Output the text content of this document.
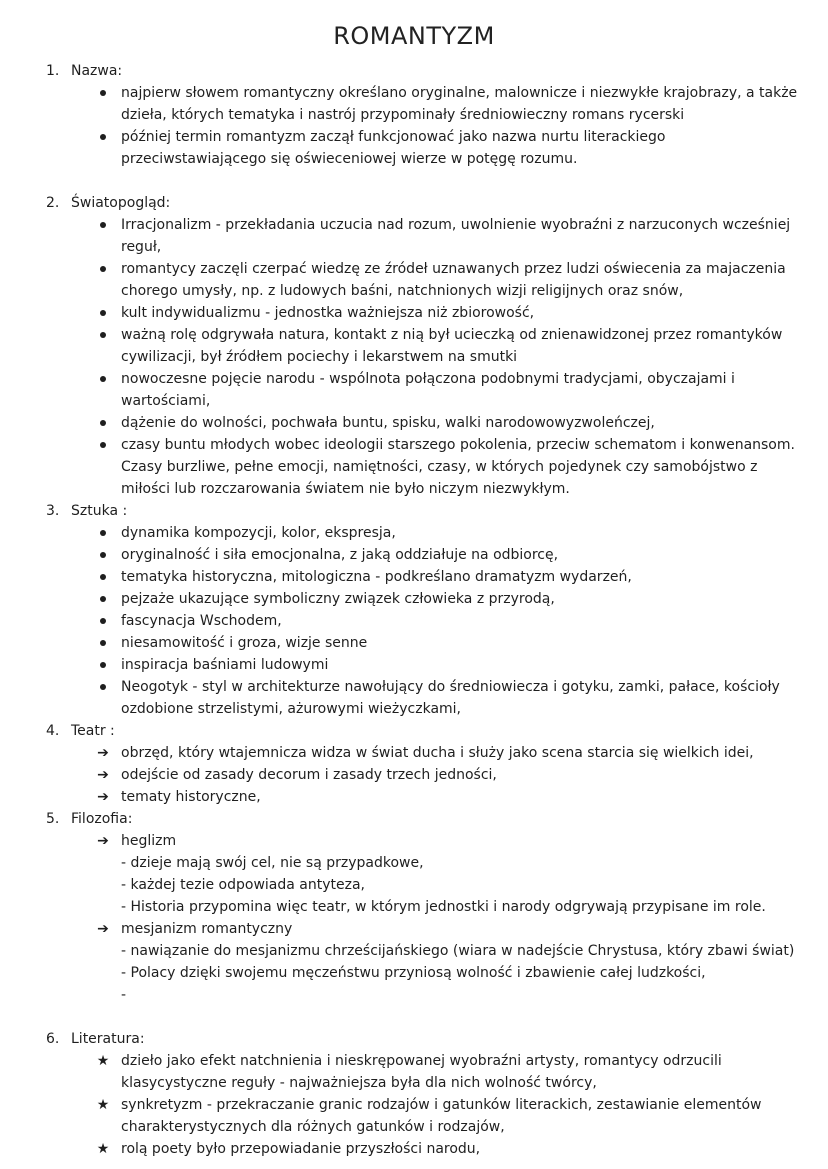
ROMANTYZM
1. Nazwa:
najpierw słowem romantyczny określano oryginalne, malownicze i niezwykłe krajobrazy, a także dzieła, których tematyka i nastrój przypominały średniowieczny romans rycerski
później termin romantyzm zaczął funkcjonować jako nazwa nurtu literackiego przeciwstawiającego się oświeceniowej wierze w potęgę rozumu.
2. Światopogląd:
Irracjonalizm - przekładania uczucia nad rozum, uwolnienie wyobraźni z narzuconych wcześniej reguł,
romantycy zaczęli czerpać wiedzę ze źródeł uznawanych przez ludzi oświecenia za majaczenia chorego umysły, np. z ludowych baśni, natchnionych wizji religijnych oraz snów,
kult indywidualizmu - jednostka ważniejsza niż zbiorowość,
ważną rolę odgrywała natura, kontakt z nią był ucieczką od znienawidzonej przez romantyków cywilizacji, był źródłem pociechy i lekarstwem na smutki
nowoczesne pojęcie narodu - wspólnota połączona podobnymi tradycjami, obyczajami i wartościami,
dążenie do wolności, pochwała buntu, spisku, walki narodowowyzwoleńczej,
czasy buntu młodych wobec ideologii starszego pokolenia, przeciw schematom i konwenansom. Czasy burzliwe, pełne emocji, namiętności, czasy, w których pojedynek czy samobójstwo z miłości lub rozczarowania światem nie było niczym niezwykłym.
3. Sztuka :
dynamika kompozycji, kolor, ekspresja,
oryginalność i siła emocjonalna, z jaką oddziałuje na odbiorcę,
tematyka historyczna, mitologiczna - podkreślano dramatyzm wydarzeń,
pejzaże ukazujące symboliczny związek człowieka z przyrodą,
fascynacja Wschodem,
niesamowitość i groza, wizje senne
inspiracja baśniami ludowymi
Neogotyk - styl w architekturze nawołujący do średniowiecza i gotyku, zamki, pałace, kościoły ozdobione strzelistymi, ażurowymi wieżyczkami,
4. Teatr :
➔ obrzęd, który wtajemnicza widza w świat ducha i służy jako scena starcia się wielkich idei,
➔ odejście od zasady decorum i zasady trzech jedności,
➔ tematy historyczne,
5. Filozofia:
➔ heglizm
- dzieje mają swój cel, nie są przypadkowe,
- każdej tezie odpowiada antyteza,
- Historia przypomina więc teatr, w którym jednostki i narody odgrywają przypisane im role.
➔ mesjanizm romantyczny
- nawiązanie do mesjanizmu chrześcijańskiego (wiara w nadejście Chrystusa, który zbawi świat)
- Polacy dzięki swojemu męczeństwu przyniosą wolność i zbawienie całej ludzkości,
-
6. Literatura:
★ dzieło jako efekt natchnienia i nieskrępowanej wyobraźni artysty, romantycy odrzucili klasycystyczne reguły - najważniejsza była dla nich wolność twórcy,
★ synkretyzm - przekraczanie granic rodzajów i gatunków literackich, zestawianie elementów charakterystycznych dla różnych gatunków i rodzajów,
★ rolą poety było przepowiadanie przyszłości narodu,
